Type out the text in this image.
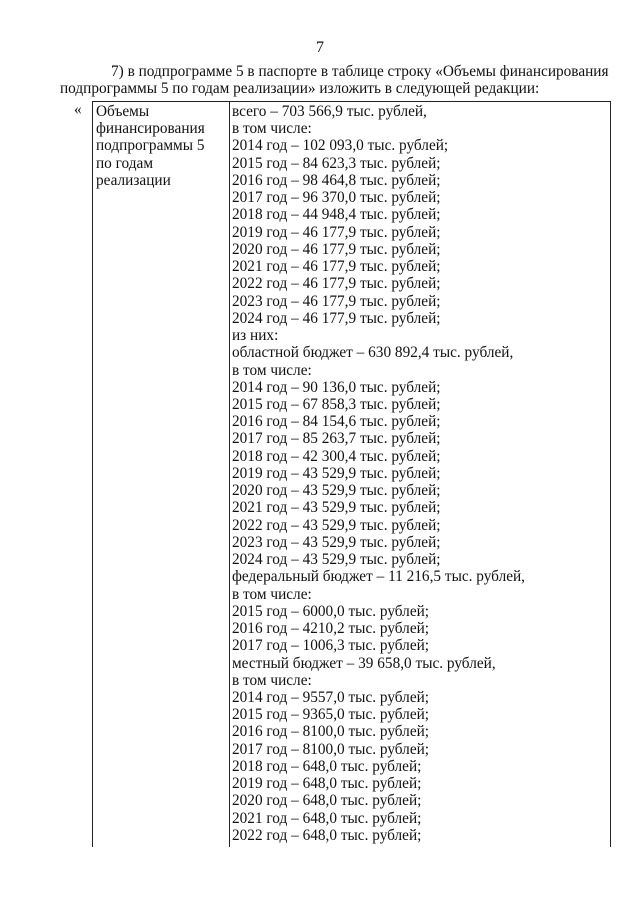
7
7) в подпрограмме 5 в паспорте в таблице строку «Объемы финансирования
подпрограммы 5 по годам реализации» изложить в следующей редакции:
« Объемы
финансирования
подпрограммы 5
по годам
реализации
всего – 703 566,9 тыс. рублей,
в том числе:
2014 год – 102 093,0 тыс. рублей;
2015 год – 84 623,3 тыс. рублей;
2016 год – 98 464,8 тыс. рублей;
2017 год – 96 370,0 тыс. рублей;
2018 год – 44 948,4 тыс. рублей;
2019 год – 46 177,9 тыс. рублей;
2020 год – 46 177,9 тыс. рублей;
2021 год – 46 177,9 тыс. рублей;
2022 год – 46 177,9 тыс. рублей;
2023 год – 46 177,9 тыс. рублей;
2024 год – 46 177,9 тыс. рублей;
из них:
областной бюджет – 630 892,4 тыс. рублей,
в том числе:
2014 год – 90 136,0 тыс. рублей;
2015 год – 67 858,3 тыс. рублей;
2016 год – 84 154,6 тыс. рублей;
2017 год – 85 263,7 тыс. рублей;
2018 год – 42 300,4 тыс. рублей;
2019 год – 43 529,9 тыс. рублей;
2020 год – 43 529,9 тыс. рублей;
2021 год – 43 529,9 тыс. рублей;
2022 год – 43 529,9 тыс. рублей;
2023 год – 43 529,9 тыс. рублей;
2024 год – 43 529,9 тыс. рублей;
федеральный бюджет – 11 216,5 тыс. рублей,
в том числе:
2015 год – 6000,0 тыс. рублей;
2016 год – 4210,2 тыс. рублей;
2017 год – 1006,3 тыс. рублей;
местный бюджет – 39 658,0 тыс. рублей,
в том числе:
2014 год – 9557,0 тыс. рублей;
2015 год – 9365,0 тыс. рублей;
2016 год – 8100,0 тыс. рублей;
2017 год – 8100,0 тыс. рублей;
2018 год – 648,0 тыс. рублей;
2019 год – 648,0 тыс. рублей;
2020 год – 648,0 тыс. рублей;
2021 год – 648,0 тыс. рублей;
2022 год – 648,0 тыс. рублей;
